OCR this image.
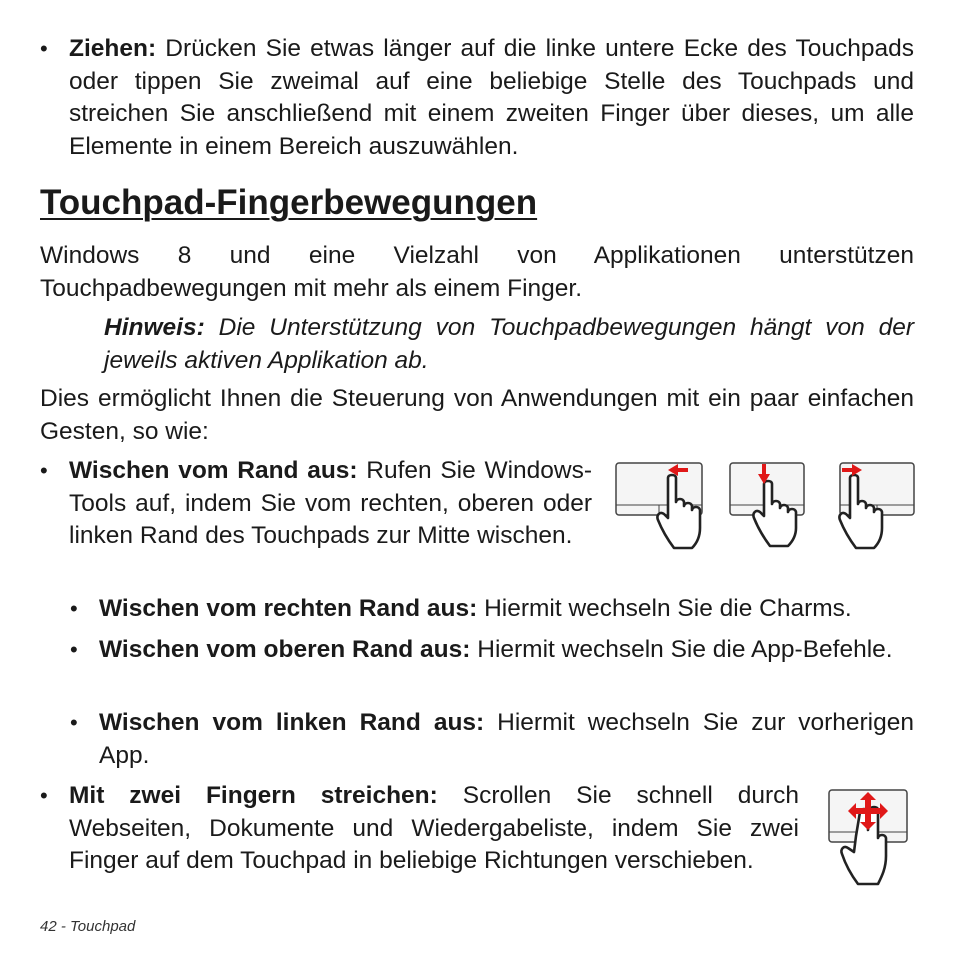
• Ziehen: Drücken Sie etwas länger auf die linke untere Ecke des Touchpads oder tippen Sie zweimal auf eine beliebige Stelle des Touchpads und streichen Sie anschließend mit einem zweiten Finger über dieses, um alle Elemente in einem Bereich auszuwählen.
Touchpad-Fingerbewegungen
Windows 8 und eine Vielzahl von Applikationen unterstützen Touchpadbewegungen mit mehr als einem Finger.
Hinweis: Die Unterstützung von Touchpadbewegungen hängt von der jeweils aktiven Applikation ab.
Dies ermöglicht Ihnen die Steuerung von Anwendungen mit ein paar einfachen Gesten, so wie:
• Wischen vom Rand aus: Rufen Sie Windows-Tools auf, indem Sie vom rechten, oberen oder linken Rand des Touchpads zur Mitte wischen.
• Wischen vom rechten Rand aus: Hiermit wechseln Sie die Charms.
• Wischen vom oberen Rand aus: Hiermit wechseln Sie die App-Befehle.
• Wischen vom linken Rand aus: Hiermit wechseln Sie zur vorherigen App.
• Mit zwei Fingern streichen: Scrollen Sie schnell durch Webseiten, Dokumente und Wiedergabeliste, indem Sie zwei Finger auf dem Touchpad in beliebige Richtungen verschieben.
42 - Touchpad
